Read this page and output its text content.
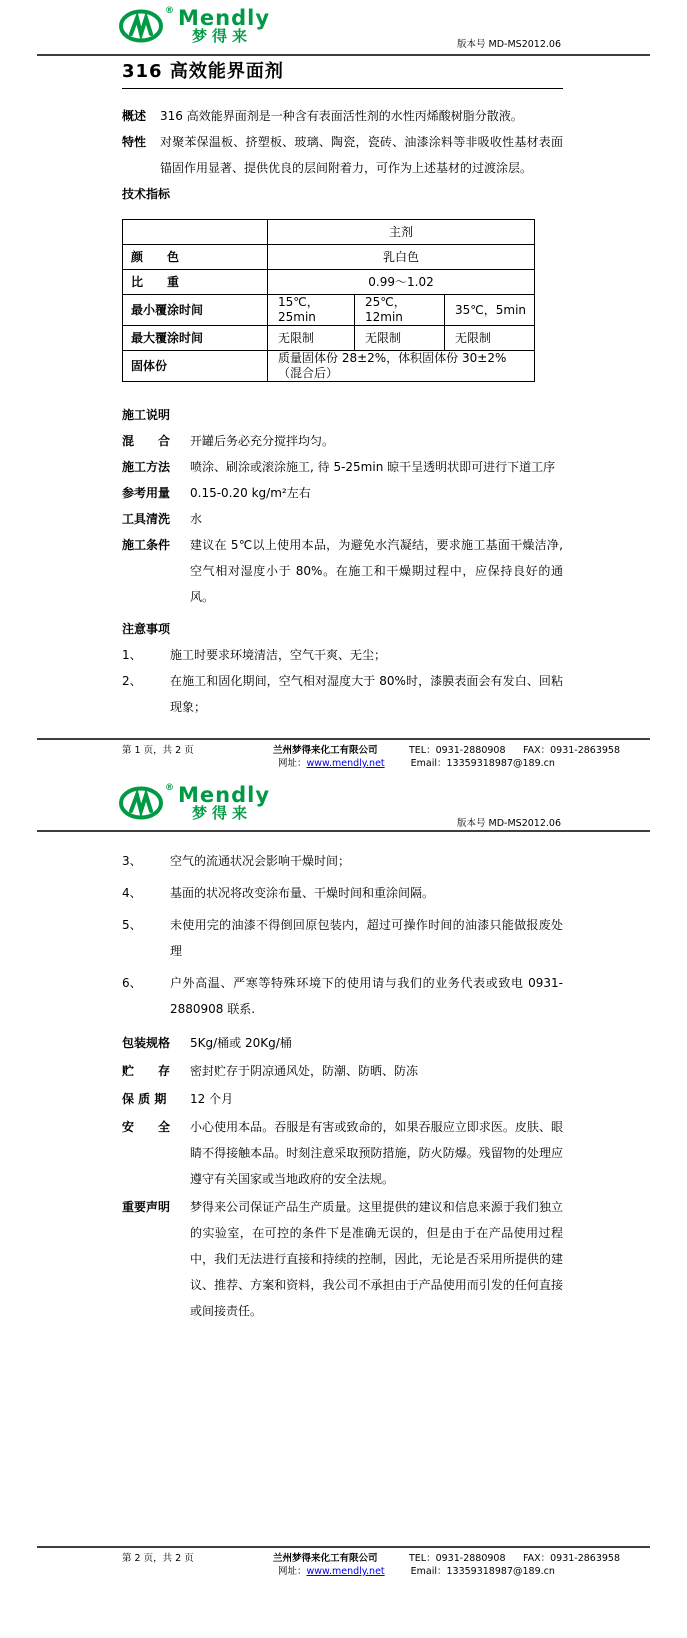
® Mendly
梦得来	版本号 MD-MS2012.06
316 高效能界面剂
概述	316 高效能界面剂是一种含有表面活性剂的水性丙烯酸树脂分散液。
特性	对聚苯保温板、挤塑板、玻璃、陶瓷，瓷砖、油漆涂料等非吸收性基材表面锚固作用显著、提供优良的层间附着力，可作为上述基材的过渡涂层。
技术指标
	主剂		
颜　　色	乳白色		
比　　重	0.99～1.02		
最小覆涂时间	15℃，25min	25℃，12min	35℃，5min
最大覆涂时间	无限制	无限制	无限制
固体份	质量固体份 28±2%，体积固体份 30±2%（混合后）		
施工说明
混　　合	开罐后务必充分搅拌均匀。
施工方法	喷涂、刷涂或滚涂施工, 待 5-25min 晾干呈透明状即可进行下道工序
参考用量	0.15-0.20 kg/m²左右
工具清洗	水
施工条件	建议在 5℃以上使用本品，为避免水汽凝结，要求施工基面干燥洁净, 空气相对湿度小于 80%。在施工和干燥期过程中，应保持良好的通风。
注意事项
1、	施工时要求环境清洁，空气干爽、无尘；
2、	在施工和固化期间，空气相对湿度大于 80%时，漆膜表面会有发白、回粘现象；
第 1 页，共 2 页	兰州梦得来化工有限公司	TEL：0931-2880908	FAX：0931-2863958
网址：www.mendly.net	Email：13359318987@189.cn
® Mendly
梦得来
版本号 MD-MS2012.06
3、	空气的流通状况会影响干燥时间；
4、	基面的状况将改变涂布量、干燥时间和重涂间隔。
5、	未使用完的油漆不得倒回原包装内，超过可操作时间的油漆只能做报废处理
6、	户外高温、严寒等特殊环境下的使用请与我们的业务代表或致电 0931-2880908 联系.
包装规格	5Kg/桶或 20Kg/桶
贮　　存	密封贮存于阴凉通风处，防潮、防晒、防冻
保 质 期	12 个月
安　　全	小心使用本品。吞服是有害或致命的，如果吞服应立即求医。皮肤、眼睛不得接触本品。时刻注意采取预防措施，防火防爆。残留物的处理应遵守有关国家或当地政府的安全法规。
重要声明	梦得来公司保证产品生产质量。这里提供的建议和信息来源于我们独立的实验室，在可控的条件下是准确无误的，但是由于在产品使用过程中，我们无法进行直接和持续的控制，因此，无论是否采用所提供的建议、推荐、方案和资料，我公司不承担由于产品使用而引发的任何直接或间接责任。
第 2 页，共 2 页	兰州梦得来化工有限公司	TEL：0931-2880908	FAX：0931-2863958
网址：www.mendly.net	Email：13359318987@189.cn
